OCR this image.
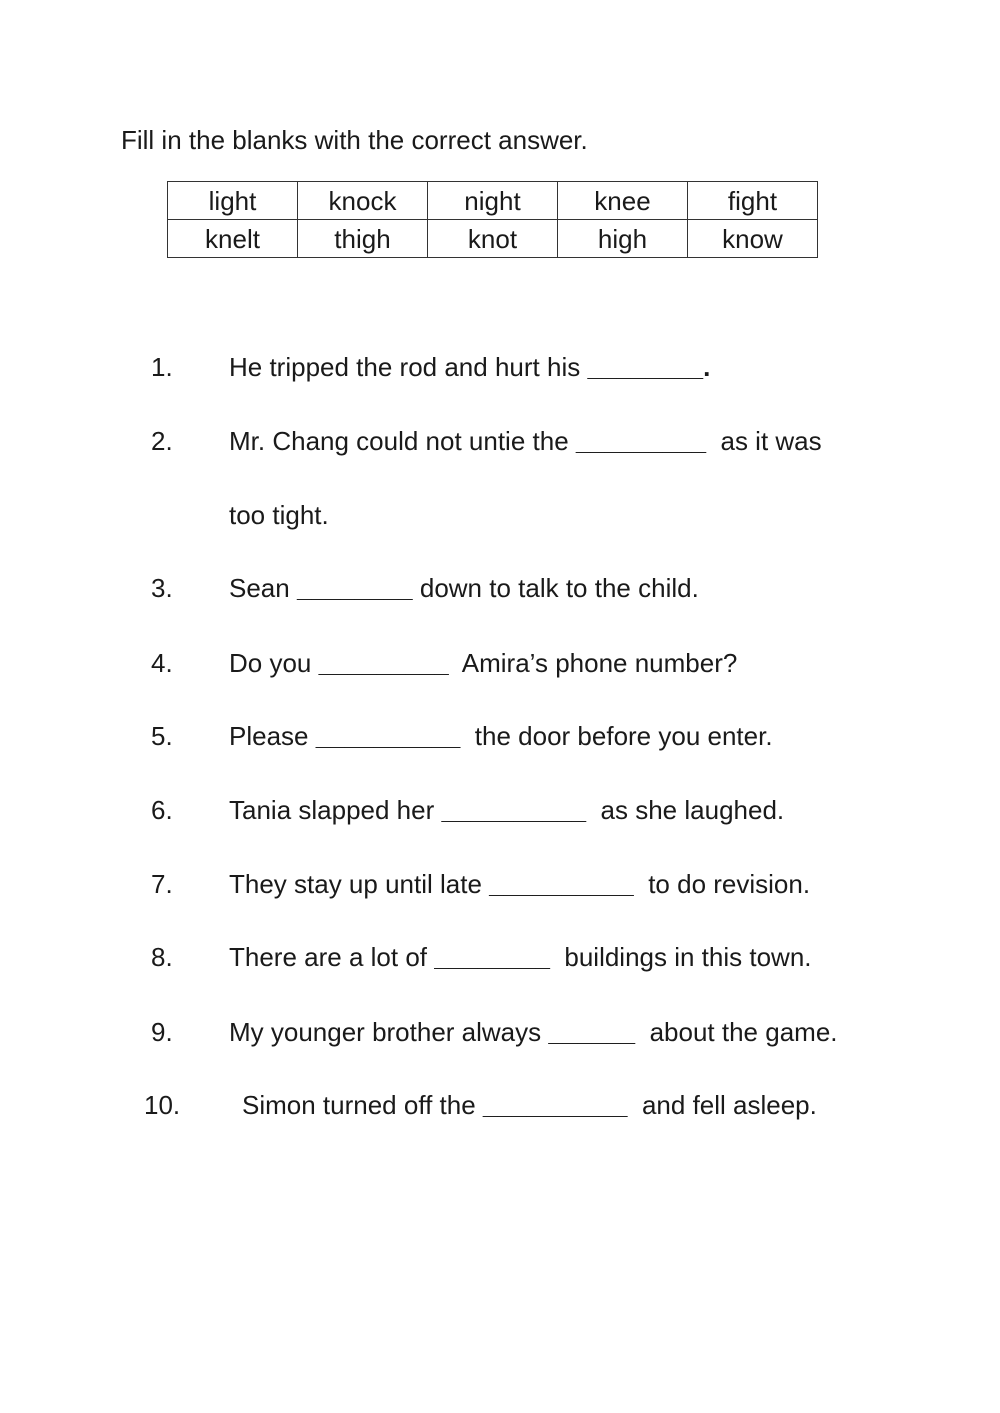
Fill in the blanks with the correct answer.
light	knock	night	knee	fight
knelt	thigh	knot	high	know
1. He tripped the rod and hurt his ________.
2. Mr. Chang could not untie the _________  as it was
too tight.
3. Sean ________ down to talk to the child.
4. Do you _________  Amira’s phone number?
5. Please __________  the door before you enter.
6. Tania slapped her __________  as she laughed.
7. They stay up until late __________  to do revision.
8. There are a lot of ________  buildings in this town.
9. My younger brother always ______  about the game.
10. Simon turned off the __________  and fell asleep.
